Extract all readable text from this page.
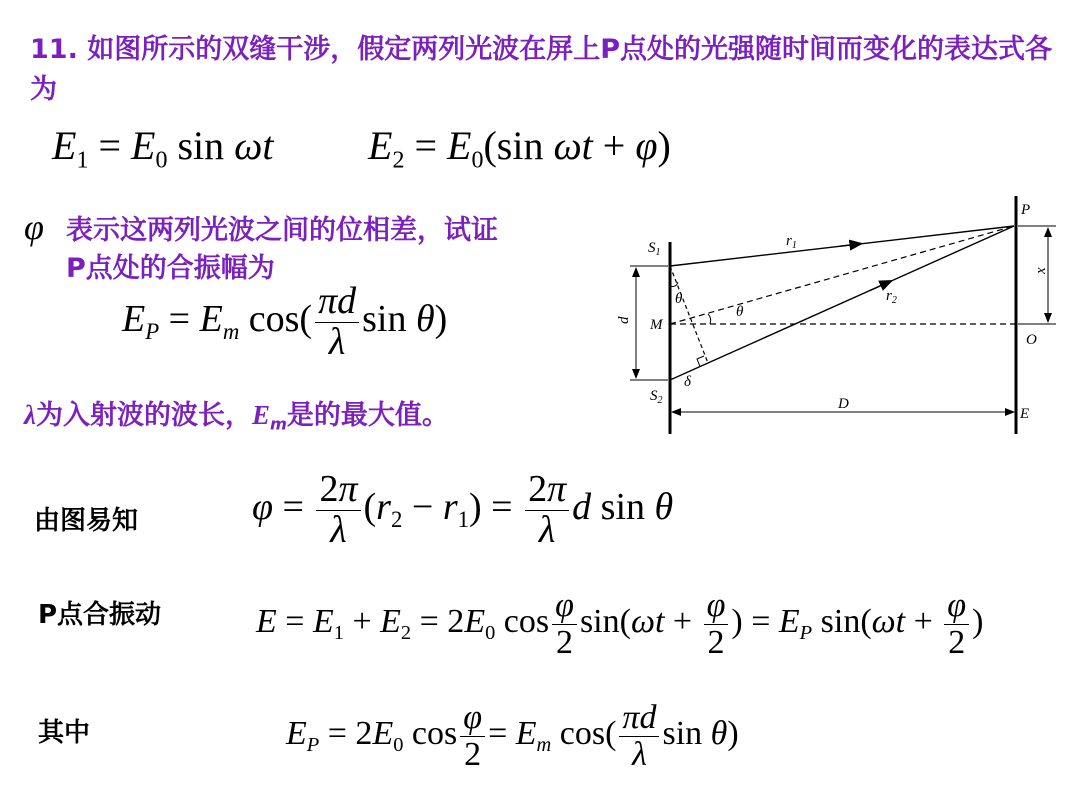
11. 如图所示的双缝干涉，假定两列光波在屏上P点处的光强随时间而变化的表达式各为
$E_1 = E_0$ sin ωt $E_2 = E_0(\sin$ ωt + φ)
φ 表示这两列光波之间的位相差，试证
P点处的合振幅为
$E_P = E_m$ $\cos( \frac{\pi d}{\lambda}$ sin θ)
λ为入射波的波长，$E_m$是的最大值。
$S_1$
$S_2$
M
d
θ
θ
δ
D
$r_1$
$r_2$
P
O
E
x
由图易知	$\varphi = \frac{2\pi}{\lambda} (r_2 - r_1) = \frac{2\pi}{\lambda}$ d sin θ
P点合振动	$E = E_1 + E_2 = 2E_0$ $\cos \frac{\varphi}{2} \sin(\omega t + \frac{\varphi}{2}$ ) = $E_P$ $\sin(\omega t + \frac{\varphi}{2}$ )
其中	$E_P = 2E_0$ $\cos \frac{\varphi}{2} = E_m$ $\cos( \frac{\pi d}{\lambda}$ sin θ)
